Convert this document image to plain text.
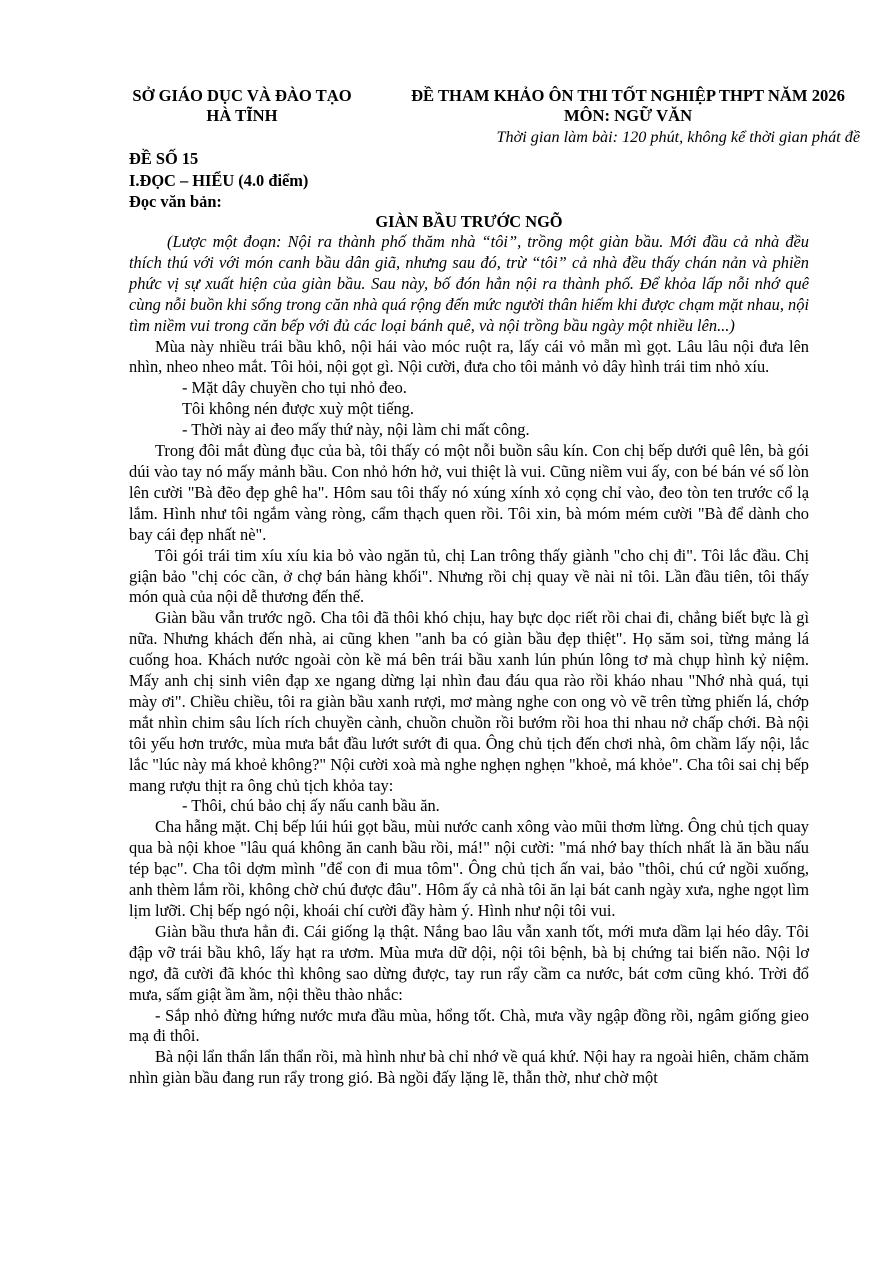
SỞ GIÁO DỤC VÀ ĐÀO TẠO
HÀ TĨNH
ĐỀ THAM KHẢO ÔN THI TỐT NGHIỆP THPT NĂM 2026
MÔN: NGỮ VĂN
Thời gian làm bài: 120 phút, không kể thời gian phát đề
ĐỀ SỐ 15
I.ĐỌC – HIỂU (4.0 điểm)
Đọc văn bản:
GIÀN BẦU TRƯỚC NGÕ

(Lược một đoạn: Nội ra thành phố thăm nhà “tôi”, trồng một giàn bầu. Mới đầu cả nhà đều thích thú với với món canh bầu dân giã, nhưng sau đó, trừ “tôi” cả nhà đều thấy chán nản và phiền phức vị sự xuất hiện của giàn bầu. Sau này, bố đón hẳn nội ra thành phố. Để khỏa lấp nỗi nhớ quê cùng nỗi buồn khi sống trong căn nhà quá rộng đến mức người thân hiếm khi được chạm mặt nhau, nội tìm niềm vui trong căn bếp với đủ các loại bánh quê, và nội trồng bầu ngày một nhiều lên...)

Mùa này nhiều trái bầu khô, nội hái vào móc ruột ra, lấy cái vỏ mẵn mì gọt. Lâu lâu nội đưa lên nhìn, nheo nheo mắt. Tôi hỏi, nội gọt gì. Nội cười, đưa cho tôi mảnh vỏ dây hình trái tim nhỏ xíu.

- Mặt dây chuyền cho tụi nhỏ đeo.

Tôi không nén được xuỳ một tiếng.

- Thời này ai đeo mấy thứ này, nội làm chi mất công.

Trong đôi mắt đùng đục của bà, tôi thấy có một nỗi buồn sâu kín. Con chị bếp dưới quê lên, bà gói dúi vào tay nó mấy mảnh bầu. Con nhỏ hớn hở, vui thiệt là vui. Cũng niềm vui ấy, con bé bán vé số lòn lên cười "Bà đẽo đẹp ghê ha". Hôm sau tôi thấy nó xúng xính xỏ cọng chỉ vào, đeo tòn ten trước cổ lạ lắm. Hình như tôi ngắm vàng ròng, cẩm thạch quen rồi. Tôi xin, bà móm mém cười "Bà để dành cho bay cái đẹp nhất nè".

Tôi gói trái tim xíu xíu kia bỏ vào ngăn tủ, chị Lan trông thấy giành "cho chị đi". Tôi lắc đầu. Chị giận bảo "chị cóc cần, ở chợ bán hàng khối". Nhưng rồi chị quay về nài nỉ tôi. Lần đầu tiên, tôi thấy món quà của nội dễ thương đến thế.

Giàn bầu vẫn trước ngõ. Cha tôi đã thôi khó chịu, hay bực dọc riết rồi chai đi, chẳng biết bực là gì nữa. Nhưng khách đến nhà, ai cũng khen "anh ba có giàn bầu đẹp thiệt". Họ săm soi, từng mảng lá cuống hoa. Khách nước ngoài còn kề má bên trái bầu xanh lún phún lông tơ mà chụp hình kỷ niệm. Mấy anh chị sinh viên đạp xe ngang dừng lại nhìn đau đáu qua rào rồi kháo nhau "Nhớ nhà quá, tụi mày ơi". Chiều chiều, tôi ra giàn bầu xanh rượi, mơ màng nghe con ong vò vẽ trên từng phiến lá, chớp mắt nhìn chim sâu lích rích chuyền cành, chuồn chuồn rồi bướm rồi hoa thi nhau nở chấp chới. Bà nội tôi yếu hơn trước, mùa mưa bắt đầu lướt sướt đi qua. Ông chủ tịch đến chơi nhà, ôm chầm lấy nội, lắc lắc "lúc này má khoẻ không?" Nội cười xoà mà nghe nghẹn nghẹn "khoẻ, má khỏe". Cha tôi sai chị bếp mang rượu thịt ra ông chủ tịch khỏa tay:

- Thôi, chú bảo chị ấy nấu canh bầu ăn.

Cha hẫng mặt. Chị bếp lúi húi gọt bầu, mùi nước canh xông vào mũi thơm lừng. Ông chủ tịch quay qua bà nội khoe "lâu quá không ăn canh bầu rồi, má!" nội cười: "má nhớ bay thích nhất là ăn bầu nấu tép bạc". Cha tôi dợm mình "để con đi mua tôm". Ông chủ tịch ấn vai, bảo "thôi, chú cứ ngồi xuống, anh thèm lắm rồi, không chờ chú được đâu". Hôm ấy cả nhà tôi ăn lại bát canh ngày xưa, nghe ngọt lìm lịm lưỡi. Chị bếp ngó nội, khoái chí cười đầy hàm ý. Hình như nội tôi vui.

Giàn bầu thưa hẳn đi. Cái giống lạ thật. Nắng bao lâu vẫn xanh tốt, mới mưa dầm lại héo dây. Tôi đập vỡ trái bầu khô, lấy hạt ra ươm. Mùa mưa dữ dội, nội tôi bệnh, bà bị chứng tai biến não. Nội lơ ngơ, đã cười đã khóc thì không sao dừng được, tay run rẩy cầm ca nước, bát cơm cũng khó. Trời đổ mưa, sấm giật ầm ầm, nội thều thào nhắc:

- Sắp nhỏ đừng hứng nước mưa đầu mùa, hổng tốt. Chà, mưa vầy ngập đồng rồi, ngâm giống gieo mạ đi thôi.

Bà nội lẩn thẩn lẩn thẩn rồi, mà hình như bà chỉ nhớ về quá khứ. Nội hay ra ngoài hiên, chăm chăm nhìn giàn bầu đang run rẩy trong gió. Bà ngồi đấy lặng lẽ, thẫn thờ, như chờ một
